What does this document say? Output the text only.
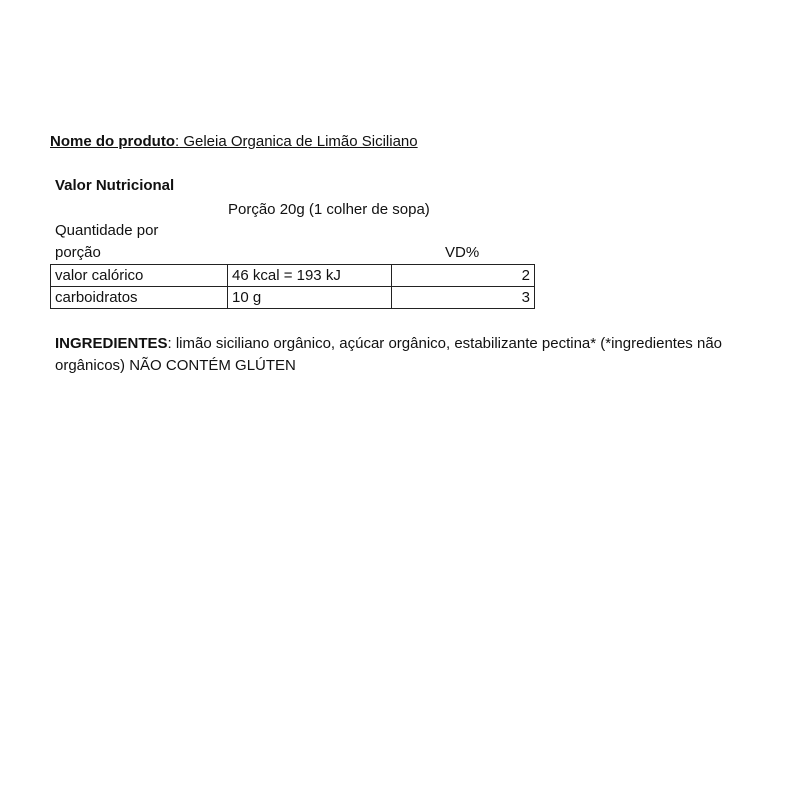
Nome do produto: Geleia Organica de Limão Siciliano
Valor Nutricional
Porção 20g (1 colher de sopa)
Quantidade por
porção	VD%
valor calórico	46 kcal = 193 kJ	2
carboidratos	10 g	3
INGREDIENTES: limão siciliano orgânico, açúcar orgânico, estabilizante pectina* (*ingredientes não
orgânicos) NÃO CONTÉM GLÚTEN
